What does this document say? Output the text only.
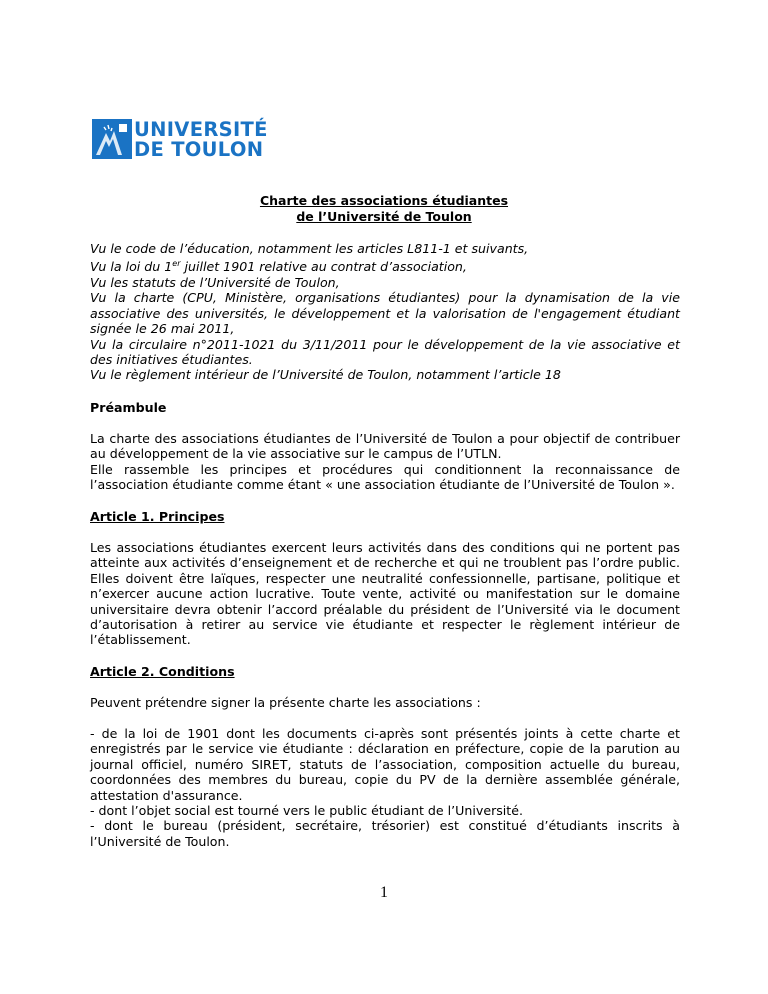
UNIVERSITÉ
DE TOULON
Charte des associations étudiantes
de l’Université de Toulon

Vu le code de l’éducation, notamment les articles L811-1 et suivants,

Vu la loi du 1er juillet 1901 relative au contrat d’association,

Vu les statuts de l’Université de Toulon,

Vu la charte (CPU, Ministère, organisations étudiantes) pour la dynamisation de la vie associative des universités, le développement et la valorisation de l'engagement étudiant signée le 26 mai 2011,

Vu la circulaire n°2011-1021 du 3/11/2011 pour le développement de la vie associative et des initiatives étudiantes.

Vu le règlement intérieur de l’Université de Toulon, notamment l’article 18

Préambule

La charte des associations étudiantes de l’Université de Toulon a pour objectif de contribuer au développement de la vie associative sur le campus de l’UTLN.

Elle rassemble les principes et procédures qui conditionnent la reconnaissance de l’association étudiante comme étant « une association étudiante de l’Université de Toulon ».

Article 1. Principes
Les associations étudiantes exercent leurs activités dans des conditions qui ne portent pas atteinte aux activités d’enseignement et de recherche et qui ne troublent pas l’ordre public. Elles doivent être laïques, respecter une neutralité confessionnelle, partisane, politique et n’exercer aucune action lucrative. Toute vente, activité ou manifestation sur le domaine universitaire devra obtenir l’accord préalable du président de l’Université via le document d’autorisation à retirer au service vie étudiante et respecter le règlement intérieur de l’établissement.
Article 2. Conditions
Peuvent prétendre signer la présente charte les associations :

- de la loi de 1901 dont les documents ci-après sont présentés joints à cette charte et enregistrés par le service vie étudiante : déclaration en préfecture, copie de la parution au journal officiel, numéro SIRET, statuts de l’association, composition actuelle du bureau, coordonnées des membres du bureau, copie du PV de la dernière assemblée générale, attestation d'assurance.

- dont l’objet social est tourné vers le public étudiant de l’Université.

- dont le bureau (président, secrétaire, trésorier) est constitué d’étudiants inscrits à l’Université de Toulon.

1
